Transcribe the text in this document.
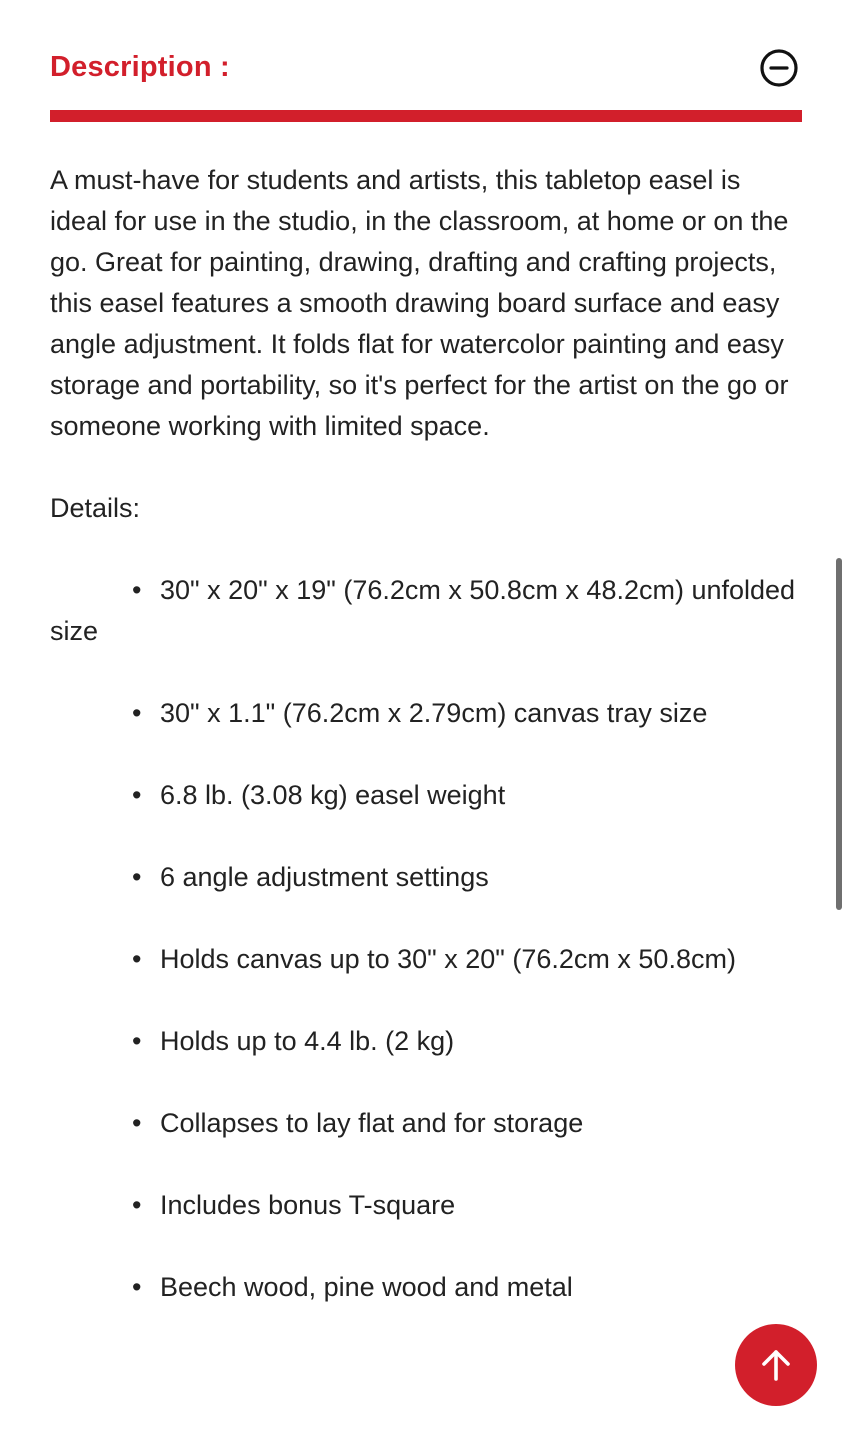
Description :

A must-have for students and artists, this tabletop easel is ideal for use in the studio, in the classroom, at home or on the go. Great for painting, drawing, drafting and crafting projects, this easel features a smooth drawing board surface and easy angle adjustment. It folds flat for watercolor painting and easy storage and portability, so it's perfect for the artist on the go or someone working with limited space.

Details:

• 30" x 20" x 19" (76.2cm x 50.8cm x 48.2cm) unfolded size

• 30" x 1.1" (76.2cm x 2.79cm) canvas tray size

• 6.8 lb. (3.08 kg) easel weight

• 6 angle adjustment settings

• Holds canvas up to 30" x 20" (76.2cm x 50.8cm)

• Holds up to 4.4 lb. (2 kg)

• Collapses to lay flat and for storage

• Includes bonus T-square

• Beech wood, pine wood and metal
